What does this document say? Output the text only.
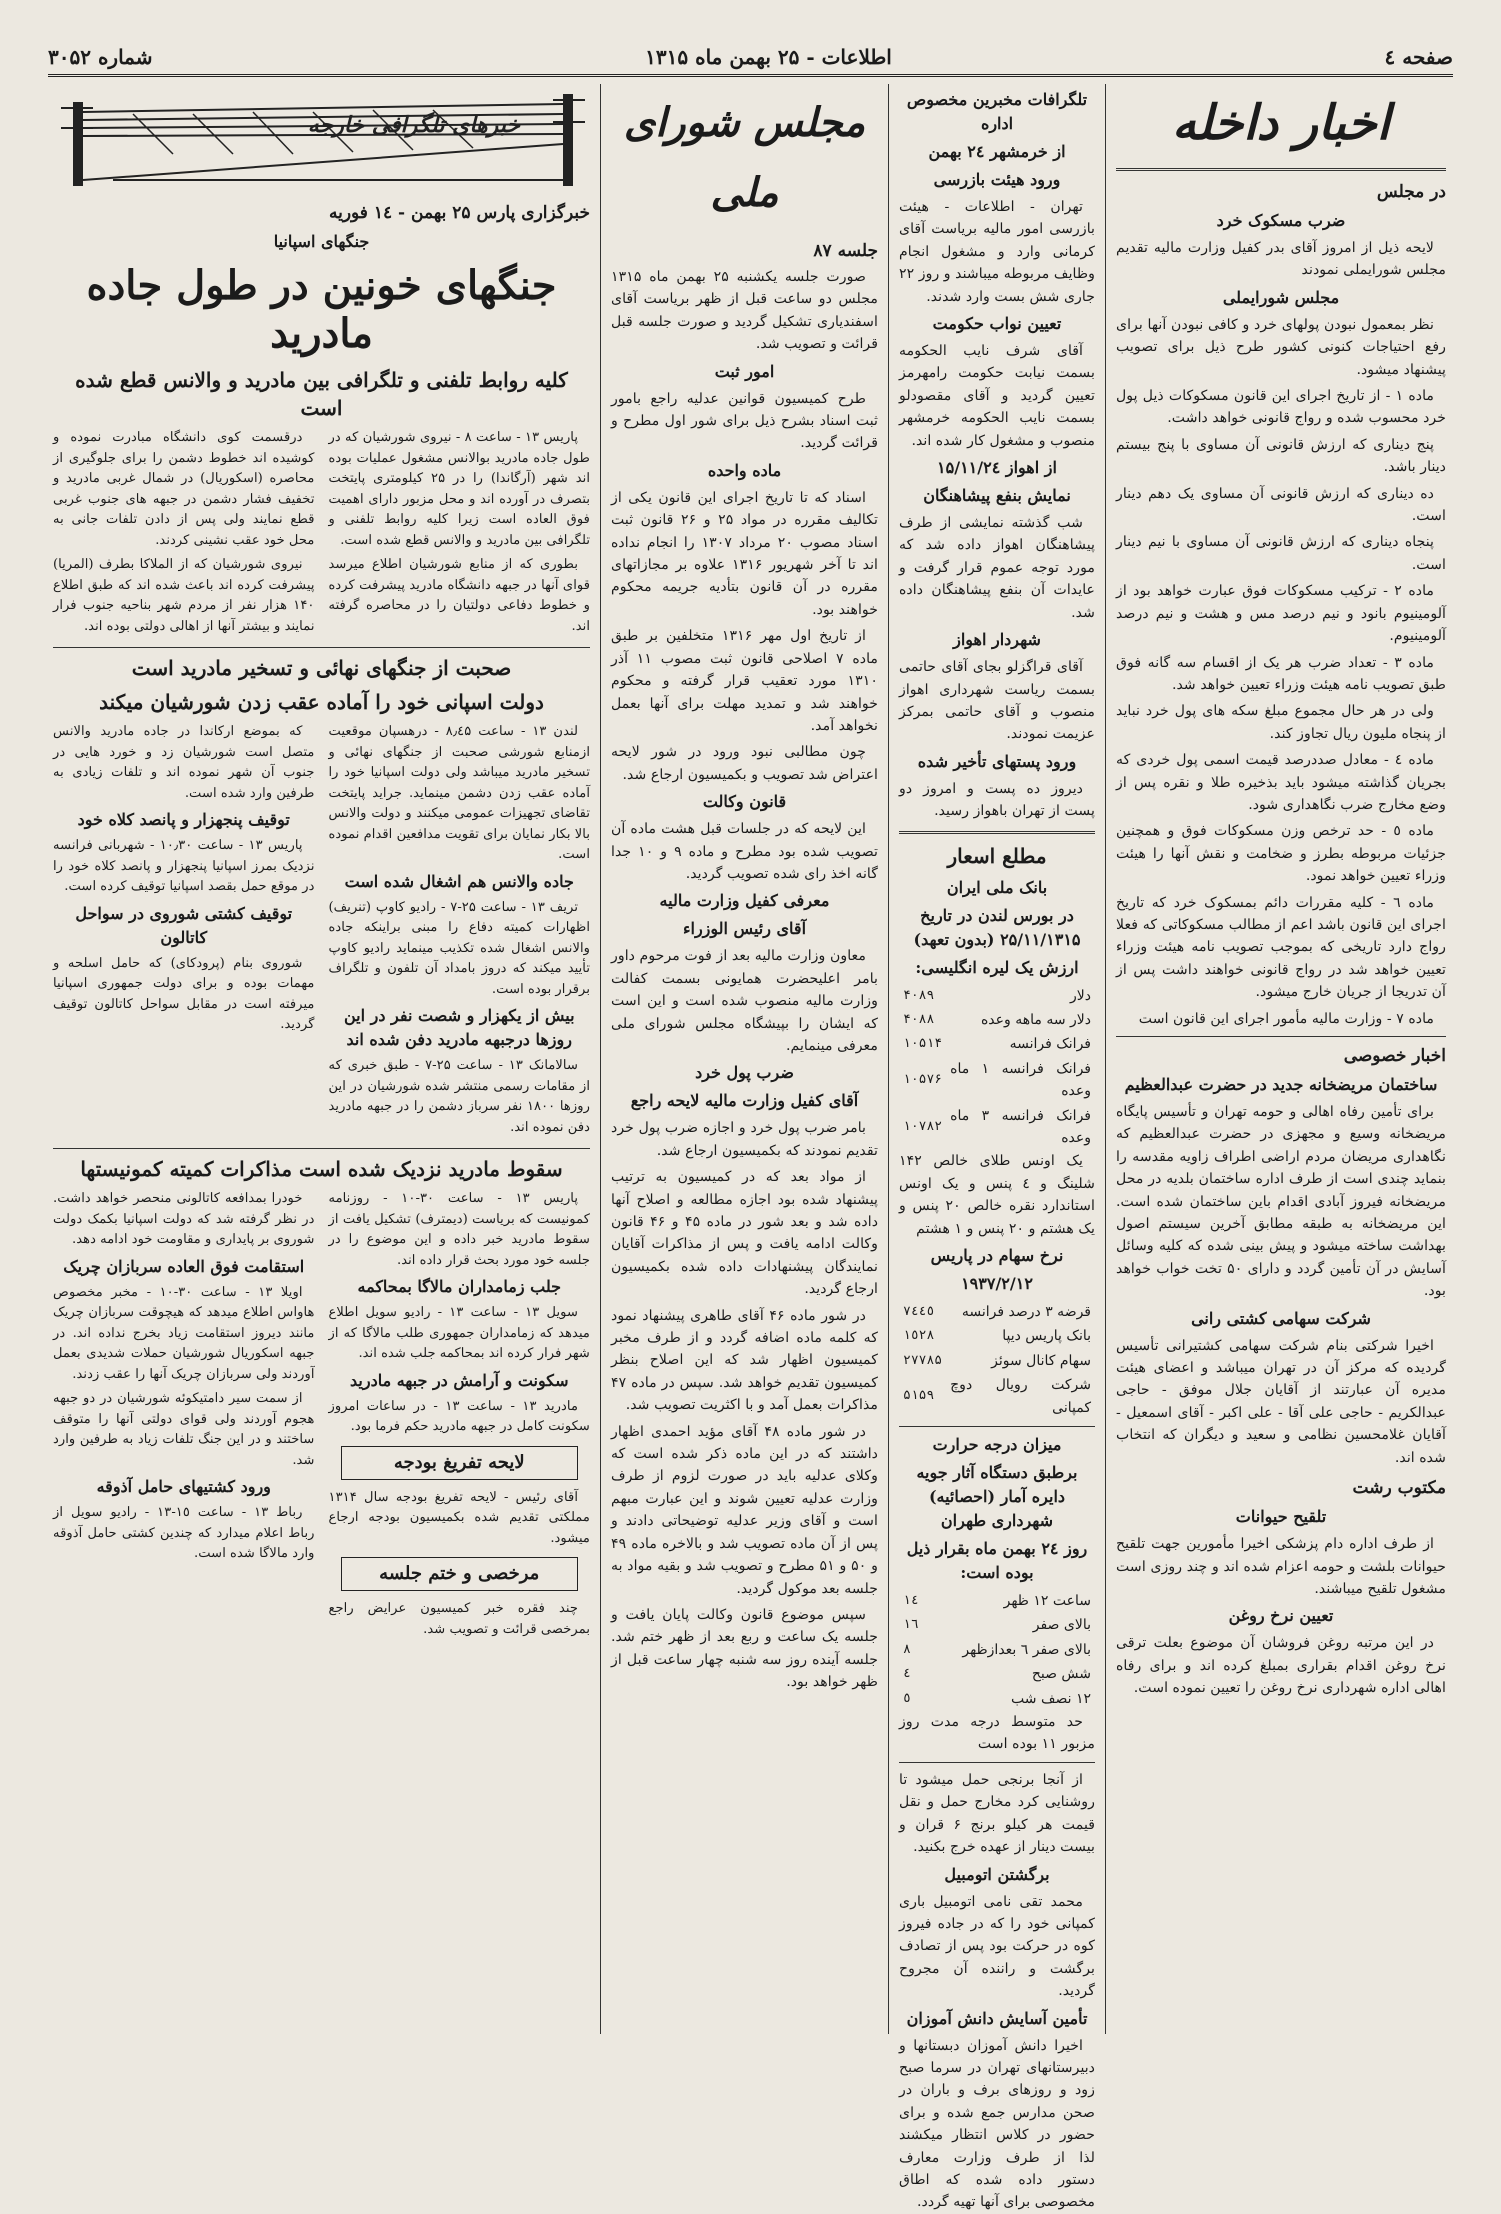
صفحه ٤
اطلاعات - ۲۵ بهمن ماه ۱۳۱۵
شماره ۳۰۵۲
اخبار داخله
در مجلس
ضرب مسکوک خرد

لایحه ذیل از امروز آقای بدر کفیل وزارت مالیه تقدیم مجلس شورایملی نمودند

مجلس شورایملی

نظر بمعمول نبودن پولهای خرد و کافی نبودن آنها برای رفع احتیاجات کنونی کشور طرح ذیل برای تصویب پیشنهاد میشود.

ماده ۱ - از تاریخ اجرای این قانون مسکوکات ذیل پول خرد محسوب شده و رواج قانونی خواهد داشت.

پنج دیناری که ارزش قانونی آن مساوی با پنج بیستم دینار باشد.

ده دیناری که ارزش قانونی آن مساوی یک دهم دینار است.

پنجاه دیناری که ارزش قانونی آن مساوی با نیم دینار است.

ماده ۲ - ترکیب مسکوکات فوق عبارت خواهد بود از آلومینیوم بانود و نیم درصد مس و هشت و نیم درصد آلومینیوم.

ماده ۳ - تعداد ضرب هر یک از اقسام سه گانه فوق طبق تصویب نامه هیئت وزراء تعیین خواهد شد.

ولی در هر حال مجموع مبلغ سکه های پول خرد نباید از پنجاه ملیون ریال تجاوز کند.

ماده ٤ - معادل صددرصد قیمت اسمی پول خردی که بجریان گذاشته میشود باید بذخیره طلا و نقره پس از وضع مخارج ضرب نگاهداری شود.

ماده ٥ - حد ترخص وزن مسکوکات فوق و همچنین جزئیات مربوطه بطرز و ضخامت و نقش آنها را هیئت وزراء تعیین خواهد نمود.

ماده ٦ - کلیه مقررات دائم بمسکوک خرد که تاریخ اجرای این قانون باشد اعم از مطالب مسکوکاتی که فعلا رواج دارد تاریخی که بموجب تصویب نامه هیئت وزراء تعیین خواهد شد در رواج قانونی خواهند داشت پس از آن تدریجا از جریان خارج میشود.

ماده ۷ - وزارت مالیه مأمور اجرای این قانون است

اخبار خصوصی
ساختمان مریضخانه جدید در حضرت عبدالعظیم

برای تأمین رفاه اهالی و حومه تهران و تأسیس پایگاه مریضخانه وسیع و مجهزی در حضرت عبدالعظیم که نگاهداری مریضان مردم اراضی اطراف زاویه مقدسه را بنماید چندی است از طرف اداره ساختمان بلدیه در محل مریضخانه فیروز آبادی اقدام باین ساختمان شده است. این مریضخانه به طبقه مطابق آخرین سیستم اصول بهداشت ساخته میشود و پیش بینی شده که کلیه وسائل آسایش در آن تأمین گردد و دارای ۵۰ تخت خواب خواهد بود.

شرکت سهامی کشتی رانی

اخیرا شرکتی بنام شرکت سهامی کشتیرانی تأسیس گردیده که مرکز آن در تهران میباشد و اعضای هیئت مدیره آن عبارتند از آقایان جلال موفق - حاجی عبدالکریم - حاجی علی آقا - علی اکبر - آقای اسمعیل - آقایان غلامحسین نظامی و سعید و دیگران که انتخاب شده اند.

مکتوب رشت
تلقیح حیوانات

از طرف اداره دام پزشکی اخیرا مأمورین جهت تلقیح حیوانات بلشت و حومه اعزام شده اند و چند روزی است مشغول تلقیح میباشند.

تعیین نرخ روغن

در این مرتبه روغن فروشان آن موضوع بعلت ترقی نرخ روغن اقدام بقراری بمبلغ کرده اند و برای رفاه اهالی اداره شهرداری نرخ روغن را تعیین نموده است.

تلگرافات مخبرین مخصوص اداره
از خرمشهر ۲٤ بهمن
ورود هیئت بازرسی

تهران - اطلاعات - هیئت بازرسی امور مالیه بریاست آقای کرمانی وارد و مشغول انجام وظایف مربوطه میباشند و روز ۲۲ جاری شش بست وارد شدند.

تعیین نواب حکومت

آقای شرف نایب الحکومه بسمت نیابت حکومت رامهرمز تعیین گردید و آقای مقصودلو بسمت نایب الحکومه خرمشهر منصوب و مشغول کار شده اند.

از اهواز ۱۵/۱۱/۲٤
نمایش بنفع پیشاهنگان

شب گذشته نمایشی از طرف پیشاهنگان اهواز داده شد که مورد توجه عموم قرار گرفت و عایدات آن بنفع پیشاهنگان داده شد.

شهردار اهواز

آقای قراگزلو بجای آقای حاتمی بسمت ریاست شهرداری اهواز منصوب و آقای حاتمی بمرکز عزیمت نمودند.

ورود پستهای تأخیر شده

دیروز ده پست و امروز دو پست از تهران باهواز رسید.

مطلع اسعار
بانک ملی ایران
در بورس لندن در تاریخ ۲۵/۱۱/۱۳۱۵ (بدون تعهد)
ارزش یک لیره انگلیسی:
دلار	۴۰۸۹
دلار سه ماهه وعده	۴۰۸۸
فرانک فرانسه	۱۰۵۱۴
فرانک فرانسه ۱ ماه وعده	۱۰۵۷۶
فرانک فرانسه ۳ ماه وعده	۱۰۷۸۲

یک اونس طلای خالص ۱۴۲ شلینگ و ٤ پنس و یک اونس استاندارد نقره خالص ۲۰ پنس و یک هشتم و ۲۰ پنس و ۱ هشتم

نرخ سهام در پاریس
۱۹۳۷/۲/۱۲
قرضه ٣ درصد فرانسه	۷٤٤٥
بانک پاریس دیپا	۱٥۲۸
سهام کانال سوئز	۲۷۷۸۵
شرکت رویال دوچ کمپانی	۵۱۵۹
میزان درجه حرارت
برطبق دستگاه آثار جویه دایره آمار (احصائیه) شهرداری طهران
روز ۲٤ بهمن ماه بقرار ذیل بوده است:
ساعت ١٢ ظهر	١٤
بالای صفر	١٦
بالای صفر ٦ بعدازظهر	۸
شش صبح	٤
۱۲ نصف شب	٥

حد متوسط درجه مدت روز مزبور ۱۱ بوده است

از آنجا برنجی حمل میشود تا روشنایی کرد مخارج حمل و نقل قیمت هر کیلو برنج ۶ قران و بیست دینار از عهده خرج بکنید.

برگشتن اتومبیل

محمد تقی نامی اتومبیل باری کمپانی خود را که در جاده فیروز کوه در حرکت بود پس از تصادف برگشت و راننده آن مجروح گردید.

تأمین آسایش دانش آموزان

اخیرا دانش آموزان دبستانها و دبیرستانهای تهران در سرما صبح زود و روزهای برف و باران در صحن مدارس جمع شده و برای حضور در کلاس انتظار میکشند لذا از طرف وزارت معارف دستور داده شده که اطاق مخصوصی برای آنها تهیه گردد.

مجلس شورای ملی
جلسه ۸۷

صورت جلسه یکشنبه ۲۵ بهمن ماه ۱۳۱۵ مجلس دو ساعت قبل از ظهر بریاست آقای اسفندیاری تشکیل گردید و صورت جلسه قبل قرائت و تصویب شد.

امور ثبت

طرح کمیسیون قوانین عدلیه راجع بامور ثبت اسناد بشرح ذیل برای شور اول مطرح و قرائت گردید.

ماده واحده

اسناد که تا تاریخ اجرای این قانون یکی از تکالیف مقرره در مواد ۲۵ و ۲۶ قانون ثبت اسناد مصوب ۲۰ مرداد ۱۳۰۷ را انجام نداده اند تا آخر شهریور ۱۳۱۶ علاوه بر مجازاتهای مقرره در آن قانون بتأدیه جریمه محکوم خواهند بود.

از تاریخ اول مهر ۱۳۱۶ متخلفین بر طبق ماده ۷ اصلاحی قانون ثبت مصوب ۱۱ آذر ۱۳۱۰ مورد تعقیب قرار گرفته و محکوم خواهند شد و تمدید مهلت برای آنها بعمل نخواهد آمد.

چون مطالبی نبود ورود در شور لایحه اعتراض شد تصویب و بکمیسیون ارجاع شد.

قانون وکالت

این لایحه که در جلسات قبل هشت ماده آن تصویب شده بود مطرح و ماده ۹ و ۱۰ جدا گانه اخذ رای شده تصویب گردید.

معرفی کفیل وزارت مالیه
آقای رئیس الوزراء

معاون وزارت مالیه بعد از فوت مرحوم داور بامر اعلیحضرت همایونی بسمت کفالت وزارت مالیه منصوب شده است و این است که ایشان را بپیشگاه مجلس شورای ملی معرفی مینمایم.

ضرب پول خرد
آقای کفیل وزارت مالیه لایحه راجع

بامر ضرب پول خرد و اجازه ضرب پول خرد تقدیم نمودند که بکمیسیون ارجاع شد.

از مواد بعد که در کمیسیون به ترتیب پیشنهاد شده بود اجازه مطالعه و اصلاح آنها داده شد و بعد شور در ماده ۴۵ و ۴۶ قانون وکالت ادامه یافت و پس از مذاکرات آقایان نمایندگان پیشنهادات داده شده بکمیسیون ارجاع گردید.

در شور ماده ۴۶ آقای طاهری پیشنهاد نمود که کلمه ماده اضافه گردد و از طرف مخبر کمیسیون اظهار شد که این اصلاح بنظر کمیسیون تقدیم خواهد شد. سپس در ماده ۴۷ مذاکرات بعمل آمد و با اکثریت تصویب شد.

در شور ماده ۴۸ آقای مؤید احمدی اظهار داشتند که در این ماده ذکر شده است که وکلای عدلیه باید در صورت لزوم از طرف وزارت عدلیه تعیین شوند و این عبارت مبهم است و آقای وزیر عدلیه توضیحاتی دادند و پس از آن ماده تصویب شد و بالاخره ماده ۴۹ و ۵۰ و ۵۱ مطرح و تصویب شد و بقیه مواد به جلسه بعد موکول گردید.

سپس موضوع قانون وکالت پایان یافت و جلسه یک ساعت و ربع بعد از ظهر ختم شد. جلسه آینده روز سه شنبه چهار ساعت قبل از ظهر خواهد بود.

خبرهای تلگرافی خارجه
خبرگزاری پارس ۲۵ بهمن - ١٤ فوریه
جنگهای اسپانیا
جنگهای خونین در طول جاده مادرید
کلیه روابط تلفنی و تلگرافی بین مادرید و والانس قطع شده است

پاریس ۱۳ - ساعت ۸ - نیروی شورشیان که در طول جاده مادرید بوالانس مشغول عملیات بوده اند شهر (آرگاندا) را در ۲۵ کیلومتری پایتخت بتصرف در آورده اند و محل مزبور دارای اهمیت فوق العاده است زیرا کلیه روابط تلفنی و تلگرافی بین مادرید و والانس قطع شده است.

بطوری که از منابع شورشیان اطلاع میرسد قوای آنها در جبهه دانشگاه مادرید پیشرفت کرده و خطوط دفاعی دولتیان را در محاصره گرفته اند.

درقسمت کوی دانشگاه مبادرت نموده و کوشیده اند خطوط دشمن را برای جلوگیری از محاصره (اسکوریال) در شمال غربی مادرید و تخفیف فشار دشمن در جبهه های جنوب غربی قطع نمایند ولی پس از دادن تلفات جانی به محل خود عقب نشینی کردند.

نیروی شورشیان که از الملاکا بطرف (المریا) پیشرفت کرده اند باعث شده اند که طبق اطلاع ۱۴۰ هزار نفر از مردم شهر بناحیه جنوب فرار نمایند و بیشتر آنها از اهالی دولتی بوده اند.

صحبت از جنگهای نهائی و تسخیر مادرید است
دولت اسپانی خود را آماده عقب زدن شورشیان میکند

لندن ۱۳ - ساعت ۸٫٤۵ - درهسپان موقعیت ازمنابع شورشی صحبت از جنگهای نهائی و تسخیر مادرید میباشد ولی دولت اسپانیا خود را آماده عقب زدن دشمن مینماید. جراید پایتخت تقاضای تجهیزات عمومی میکنند و دولت والانس بالا بکار نمایان برای تقویت مدافعین اقدام نموده است.

جاده والانس هم اشغال شده است

تریف ۱۳ - ساعت ۲۵-۷ - رادیو کاوپ (تنریف) اظهارات کمیته دفاع را مبنی براینکه جاده والانس اشغال شده تکذیب مینماید رادیو کاوپ تأیید میکند که دروز بامداد آن تلفون و تلگراف برقرار بوده است.

بیش از یکهزار و شصت نفر در این روزها درجبهه مادرید دفن شده اند

سالامانک ۱۳ - ساعت ۲۵-۷ - طبق خبری که از مقامات رسمی منتشر شده شورشیان در این روزها ۱۸۰۰ نفر سرباز دشمن را در جبهه مادرید دفن نموده اند.

که بموضع ارکاندا در جاده مادرید والانس متصل است شورشیان زد و خورد هایی در جنوب آن شهر نموده اند و تلفات زیادی به طرفین وارد شده است.

توقیف پنجهزار و پانصد کلاه خود

پاریس ۱۳ - ساعت ۱۰٫۳۰ - شهربانی فرانسه نزدیک بمرز اسپانیا پنجهزار و پانصد کلاه خود را در موقع حمل بقصد اسپانیا توقیف کرده است.

توقیف کشتی شوروی در سواحل کاتالون

شوروی بنام (پرودکای) که حامل اسلحه و مهمات بوده و برای دولت جمهوری اسپانیا میرفته است در مقابل سواحل کاتالون توقیف گردید.

سقوط مادرید نزدیک شده است مذاکرات کمیته کمونیستها

پاریس ۱۳ - ساعت ۳۰-۱۰ - روزنامه کمونیست که بریاست (دیمترف) تشکیل یافت از سقوط مادرید خبر داده و این موضوع را در جلسه خود مورد بحث قرار داده اند.

جلب زمامداران مالاگا بمحاکمه

سویل ۱۳ - ساعت ۱۳ - رادیو سویل اطلاع میدهد که زمامداران جمهوری طلب مالاگا که از شهر فرار کرده اند بمحاکمه جلب شده اند.

سکونت و آرامش در جبهه مادرید

مادرید ۱۳ - ساعت ۱۳ - در ساعات امروز سکونت کامل در جبهه مادرید حکم فرما بود.

لایحه تفریغ بودجه

آقای رئیس - لایحه تفریغ بودجه سال ۱۳۱۴ مملکتی تقدیم شده بکمیسیون بودجه ارجاع میشود.

مرخصی و ختم جلسه

چند فقره خبر کمیسیون عرایض راجع بمرخصی قرائت و تصویب شد.

خودرا بمدافعه کاتالونی منحصر خواهد داشت. در نظر گرفته شد که دولت اسپانیا بکمک دولت شوروی بر پایداری و مقاومت خود ادامه دهد.

استقامت فوق العاده سربازان چریک

اویلا ۱۳ - ساعت ۳۰-۱۰ - مخبر مخصوص هاواس اطلاع میدهد که هیچوقت سربازان چریک مانند دیروز استقامت زیاد بخرج نداده اند. در جبهه اسکوریال شورشیان حملات شدیدی بعمل آوردند ولی سربازان چریک آنها را عقب زدند.

از سمت سیر دامتیکوئه شورشیان در دو جبهه هجوم آوردند ولی قوای دولتی آنها را متوقف ساختند و در این جنگ تلفات زیاد به طرفین وارد شد.

ورود کشتیهای حامل آذوقه

رباط ۱۳ - ساعت ١٥-١٣ - رادیو سویل از رباط اعلام میدارد که چندین کشتی حامل آذوقه وارد مالاگا شده است.
